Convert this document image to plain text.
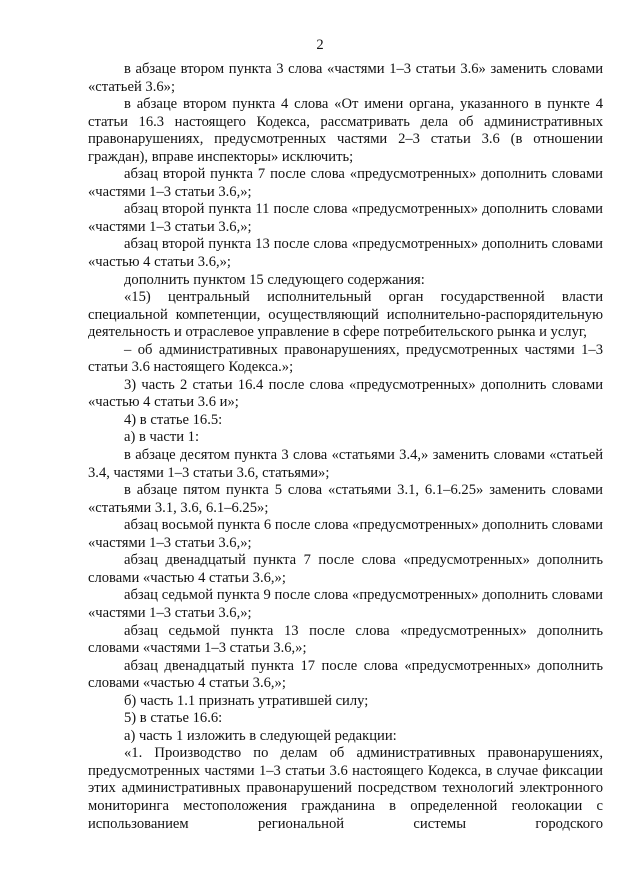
2

в абзаце втором пункта 3 слова «частями 1–3 статьи 3.6» заменить словами «статьей 3.6»;

в абзаце втором пункта 4 слова «От имени органа, указанного в пункте 4 статьи 16.3 настоящего Кодекса, рассматривать дела об административных правонарушениях, предусмотренных частями 2–3 статьи 3.6 (в отношении граждан), вправе инспекторы» исключить;

абзац второй пункта 7 после слова «предусмотренных» дополнить словами «частями 1–3 статьи 3.6,»;

абзац второй пункта 11 после слова «предусмотренных» дополнить словами «частями 1–3 статьи 3.6,»;

абзац второй пункта 13 после слова «предусмотренных» дополнить словами «частью 4 статьи 3.6,»;

дополнить пунктом 15 следующего содержания:

«15) центральный исполнительный орган государственной власти специальной компетенции, осуществляющий исполнительно-распорядительную деятельность и отраслевое управление в сфере потребительского рынка и услуг,

– об административных правонарушениях, предусмотренных частями 1–3 статьи 3.6 настоящего Кодекса.»;

3) часть 2 статьи 16.4 после слова «предусмотренных» дополнить словами «частью 4 статьи 3.6 и»;

4) в статье 16.5:

а) в части 1:

в абзаце десятом пункта 3 слова «статьями 3.4,» заменить словами «статьей 3.4, частями 1–3 статьи 3.6, статьями»;

в абзаце пятом пункта 5 слова «статьями 3.1, 6.1–6.25» заменить словами «статьями 3.1, 3.6, 6.1–6.25»;

абзац восьмой пункта 6 после слова «предусмотренных» дополнить словами «частями 1–3 статьи 3.6,»;

абзац двенадцатый пункта 7 после слова «предусмотренных» дополнить словами «частью 4 статьи 3.6,»;

абзац седьмой пункта 9 после слова «предусмотренных» дополнить словами «частями 1–3 статьи 3.6,»;

абзац седьмой пункта 13 после слова «предусмотренных» дополнить словами «частями 1–3 статьи 3.6,»;

абзац двенадцатый пункта 17 после слова «предусмотренных» дополнить словами «частью 4 статьи 3.6,»;

б) часть 1.1 признать утратившей силу;

5) в статье 16.6:

а) часть 1 изложить в следующей редакции:

«1. Производство по делам об административных правонарушениях, предусмотренных частями 1–3 статьи 3.6 настоящего Кодекса, в случае фиксации этих административных правонарушений посредством технологий электронного мониторинга местоположения гражданина в определенной геолокации с использованием региональной системы городского
